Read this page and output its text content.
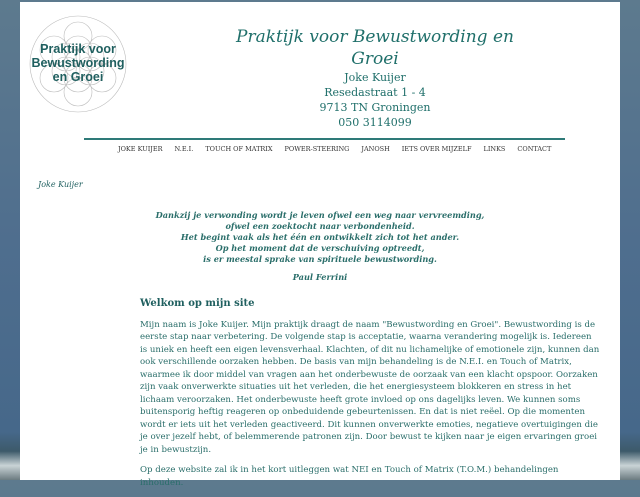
Praktijk voor
Bewustwording
en Groei
Praktijk voor Bewustwording en Groei
Joke Kuijer
Resedastraat 1 - 4
9713 TN Groningen
050 3114099
JOKE KUIJER N.E.I. TOUCH OF MATRIX POWER-STEERING JANOSH IETS OVER MIJZELF LINKS CONTACT
Joke Kuijer
Dankzij je verwonding wordt je leven ofwel een weg naar vervreemding,
ofwel een zoektocht naar verbondenheid.
Het begint vaak als het één en ontwikkelt zich tot het ander.
Op het moment dat de verschuiving optreedt,
is er meestal sprake van spirituele bewustwording.
Paul Ferrini
Welkom op mijn site

Mijn naam is Joke Kuijer. Mijn praktijk draagt de naam "Bewustwording en Groei". Bewustwording is de eerste stap naar verbetering. De volgende stap is acceptatie, waarna verandering mogelijk is. Iedereen is uniek en heeft een eigen levensverhaal. Klachten, of dit nu lichamelijke of emotionele zijn, kunnen dan ook verschillende oorzaken hebben. De basis van mijn behandeling is de N.E.I. en Touch of Matrix, waarmee ik door middel van vragen aan het onderbewuste de oorzaak van een klacht opspoor. Oorzaken zijn vaak onverwerkte situaties uit het verleden, die het energiesysteem blokkeren en stress in het lichaam veroorzaken. Het onderbewuste heeft grote invloed op ons dagelijks leven. We kunnen soms buitensporig heftig reageren op onbeduidende gebeurtenissen. En dat is niet reëel. Op die momenten wordt er iets uit het verleden geactiveerd. Dit kunnen onverwerkte emoties, negatieve overtuigingen die je over jezelf hebt, of belemmerende patronen zijn. Door bewust te kijken naar je eigen ervaringen groei je in bewustzijn.

Op deze website zal ik in het kort uitleggen wat NEI en Touch of Matrix (T.O.M.) behandelingen inhouden.
